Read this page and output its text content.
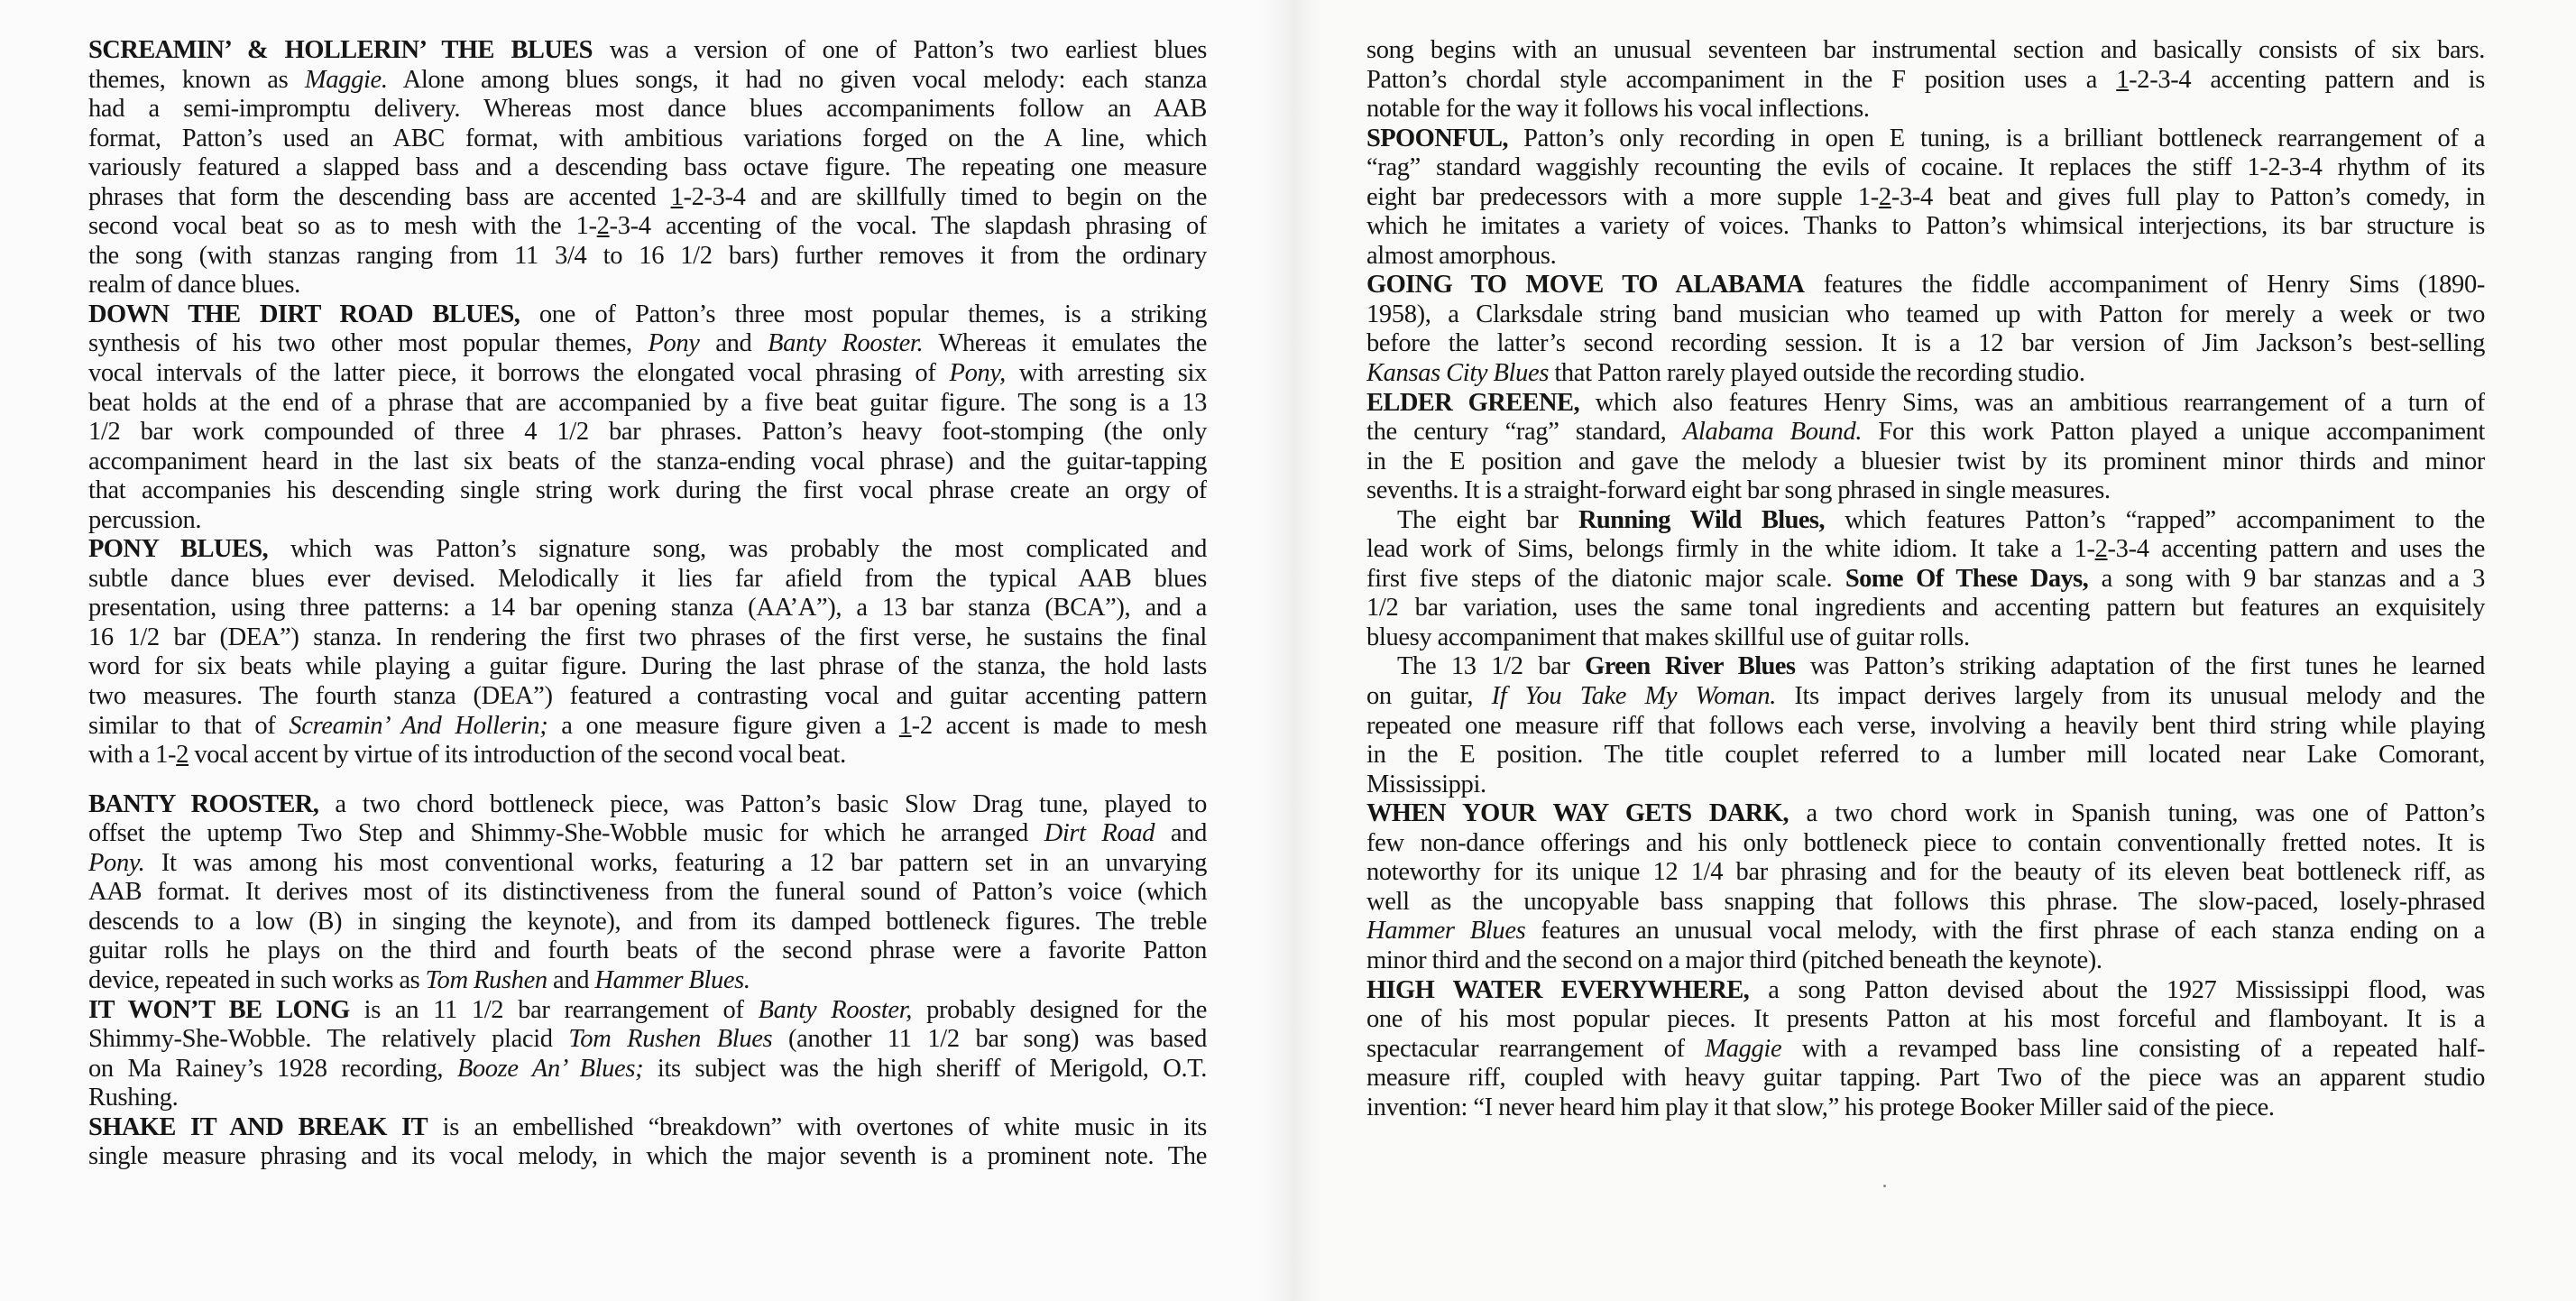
SCREAMIN’ & HOLLERIN’ THE BLUES was a version of one of Patton’s two earliest blues
themes, known as Maggie. Alone among blues songs, it had no given vocal melody: each stanza
had a semi-impromptu delivery. Whereas most dance blues accompaniments follow an AAB
format, Patton’s used an ABC format, with ambitious variations forged on the A line, which
variously featured a slapped bass and a descending bass octave figure. The repeating one measure
phrases that form the descending bass are accented 1-2-3-4 and are skillfully timed to begin on the
second vocal beat so as to mesh with the 1-2-3-4 accenting of the vocal. The slapdash phrasing of
the song (with stanzas ranging from 11 3/4 to 16 1/2 bars) further removes it from the ordinary
realm of dance blues.
DOWN THE DIRT ROAD BLUES, one of Patton’s three most popular themes, is a striking
synthesis of his two other most popular themes, Pony and Banty Rooster. Whereas it emulates the
vocal intervals of the latter piece, it borrows the elongated vocal phrasing of Pony, with arresting six
beat holds at the end of a phrase that are accompanied by a five beat guitar figure. The song is a 13
1/2 bar work compounded of three 4 1/2 bar phrases. Patton’s heavy foot-stomping (the only
accompaniment heard in the last six beats of the stanza-ending vocal phrase) and the guitar-tapping
that accompanies his descending single string work during the first vocal phrase create an orgy of
percussion.
PONY BLUES, which was Patton’s signature song, was probably the most complicated and
subtle dance blues ever devised. Melodically it lies far afield from the typical AAB blues
presentation, using three patterns: a 14 bar opening stanza (AA’A”), a 13 bar stanza (BCA”), and a
16 1/2 bar (DEA”) stanza. In rendering the first two phrases of the first verse, he sustains the final
word for six beats while playing a guitar figure. During the last phrase of the stanza, the hold lasts
two measures. The fourth stanza (DEA”) featured a contrasting vocal and guitar accenting pattern
similar to that of Screamin’ And Hollerin; a one measure figure given a 1-2 accent is made to mesh
with a 1-2 vocal accent by virtue of its introduction of the second vocal beat.
BANTY ROOSTER, a two chord bottleneck piece, was Patton’s basic Slow Drag tune, played to
offset the uptemp Two Step and Shimmy-She-Wobble music for which he arranged Dirt Road and
Pony. It was among his most conventional works, featuring a 12 bar pattern set in an unvarying
AAB format. It derives most of its distinctiveness from the funeral sound of Patton’s voice (which
descends to a low (B) in singing the keynote), and from its damped bottleneck figures. The treble
guitar rolls he plays on the third and fourth beats of the second phrase were a favorite Patton
device, repeated in such works as Tom Rushen and Hammer Blues.
IT WON’T BE LONG is an 11 1/2 bar rearrangement of Banty Rooster, probably designed for the
Shimmy-She-Wobble. The relatively placid Tom Rushen Blues (another 11 1/2 bar song) was based
on Ma Rainey’s 1928 recording, Booze An’ Blues; its subject was the high sheriff of Merigold, O.T.
Rushing.
SHAKE IT AND BREAK IT is an embellished “breakdown” with overtones of white music in its
single measure phrasing and its vocal melody, in which the major seventh is a prominent note. The
song begins with an unusual seventeen bar instrumental section and basically consists of six bars.
Patton’s chordal style accompaniment in the F position uses a 1-2-3-4 accenting pattern and is
notable for the way it follows his vocal inflections.
SPOONFUL, Patton’s only recording in open E tuning, is a brilliant bottleneck rearrangement of a
“rag” standard waggishly recounting the evils of cocaine. It replaces the stiff 1-2-3-4 rhythm of its
eight bar predecessors with a more supple 1-2-3-4 beat and gives full play to Patton’s comedy, in
which he imitates a variety of voices. Thanks to Patton’s whimsical interjections, its bar structure is
almost amorphous.
GOING TO MOVE TO ALABAMA features the fiddle accompaniment of Henry Sims (1890-
1958), a Clarksdale string band musician who teamed up with Patton for merely a week or two
before the latter’s second recording session. It is a 12 bar version of Jim Jackson’s best-selling
Kansas City Blues that Patton rarely played outside the recording studio.
ELDER GREENE, which also features Henry Sims, was an ambitious rearrangement of a turn of
the century “rag” standard, Alabama Bound. For this work Patton played a unique accompaniment
in the E position and gave the melody a bluesier twist by its prominent minor thirds and minor
sevenths. It is a straight-forward eight bar song phrased in single measures.
The eight bar Running Wild Blues, which features Patton’s “rapped” accompaniment to the
lead work of Sims, belongs firmly in the white idiom. It take a 1-2-3-4 accenting pattern and uses the
first five steps of the diatonic major scale. Some Of These Days, a song with 9 bar stanzas and a 3
1/2 bar variation, uses the same tonal ingredients and accenting pattern but features an exquisitely
bluesy accompaniment that makes skillful use of guitar rolls.
The 13 1/2 bar Green River Blues was Patton’s striking adaptation of the first tunes he learned
on guitar, If You Take My Woman. Its impact derives largely from its unusual melody and the
repeated one measure riff that follows each verse, involving a heavily bent third string while playing
in the E position. The title couplet referred to a lumber mill located near Lake Comorant,
Mississippi.
WHEN YOUR WAY GETS DARK, a two chord work in Spanish tuning, was one of Patton’s
few non-dance offerings and his only bottleneck piece to contain conventionally fretted notes. It is
noteworthy for its unique 12 1/4 bar phrasing and for the beauty of its eleven beat bottleneck riff, as
well as the uncopyable bass snapping that follows this phrase. The slow-paced, losely-phrased
Hammer Blues features an unusual vocal melody, with the first phrase of each stanza ending on a
minor third and the second on a major third (pitched beneath the keynote).
HIGH WATER EVERYWHERE, a song Patton devised about the 1927 Mississippi flood, was
one of his most popular pieces. It presents Patton at his most forceful and flamboyant. It is a
spectacular rearrangement of Maggie with a revamped bass line consisting of a repeated half-
measure riff, coupled with heavy guitar tapping. Part Two of the piece was an apparent studio
invention: “I never heard him play it that slow,” his protege Booker Miller said of the piece.
